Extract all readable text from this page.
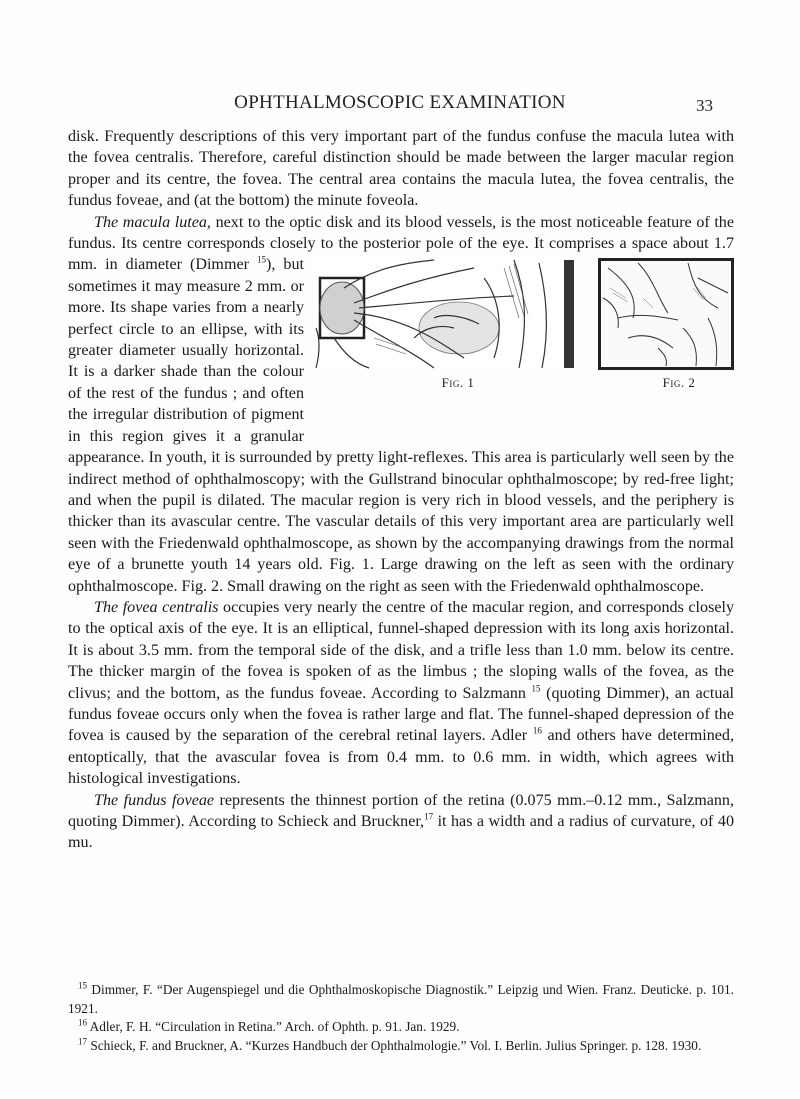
OPHTHALMOSCOPIC EXAMINATION	33

disk. Frequently descriptions of this very important part of the fundus confuse the macula lutea with the fovea centralis. Therefore, careful distinction should be made between the larger macular region proper and its centre, the fovea. The central area contains the macula lutea, the fovea centralis, the fundus foveae, and (at the bottom) the minute foveola.

The macula lutea, next to the optic disk and its blood vessels, is the most noticeable feature of the fundus. Its centre corresponds closely to the posterior pole of the eye. It comprises a space about 1.7 mm. in diameter (Dimmer $^{15}$
Fig. 1	Fig. 2
), but sometimes it may measure 2 mm. or more. Its shape varies from a nearly perfect circle to an ellipse, with its greater diameter usually horizontal. It is a darker shade than the colour of the rest of the fundus ; and often the irregular distribution of pigment in this region gives it a granular appearance. In youth, it is surrounded by pretty light-reflexes. This area is particularly well seen by the indirect method of ophthalmoscopy; with the Gullstrand binocular ophthalmoscope; by red-free light; and when the pupil is dilated. The macular region is very rich in blood vessels, and the periphery is thicker than its avascular centre. The vascular details of this very important area are particularly well seen with the Friedenwald ophthalmoscope, as shown by the accompanying drawings from the normal eye of a brunette youth 14 years old. Fig. 1. Large drawing on the left as seen with the ordinary ophthalmoscope. Fig. 2. Small drawing on the right as seen with the Friedenwald ophthalmoscope.

The fovea centralis occupies very nearly the centre of the macular region, and corresponds closely to the optical axis of the eye. It is an elliptical, funnel-shaped depression with its long axis horizontal. It is about 3.5 mm. from the temporal side of the disk, and a trifle less than 1.0 mm. below its centre. The thicker margin of the fovea is spoken of as the limbus ; the sloping walls of the fovea, as the clivus; and the bottom, as the fundus foveae. According to Salzmann $^{15}$ (quoting Dimmer), an actual fundus foveae occurs only when the fovea is rather large and flat. The funnel-shaped depression of the fovea is caused by the separation of the cerebral retinal layers. Adler $^{16}$ and others have determined, entoptically, that the avascular fovea is from 0.4 mm. to 0.6 mm. in width, which agrees with histological investigations.

The fundus foveae represents the thinnest portion of the retina (0.075 mm.–0.12 mm., Salzmann, quoting Dimmer). According to Schieck and Bruckner,$^{17}$ it has a width and a radius of curvature, of 40 mu.

$^{15}$ Dimmer, F. “Der Augenspiegel und die Ophthalmoskopische Diagnostik.” Leipzig und Wien. Franz. Deuticke. p. 101. 1921.

$^{16}$ Adler, F. H. “Circulation in Retina.” Arch. of Ophth. p. 91. Jan. 1929.

$^{17}$ Schieck, F. and Bruckner, A. “Kurzes Handbuch der Ophthalmologie.” Vol. I. Berlin. Julius Springer. p. 128. 1930.
